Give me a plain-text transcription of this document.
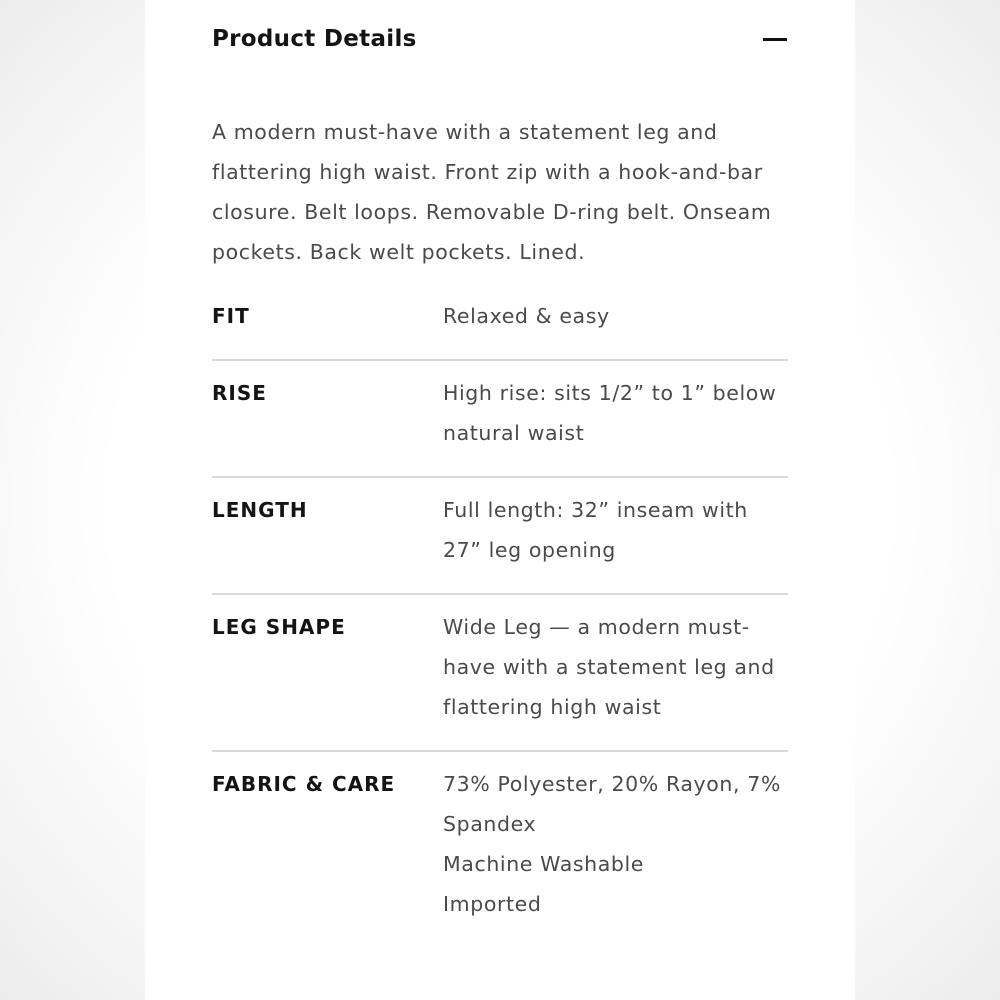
Product Details
A modern must-have with a statement leg and flattering high waist. Front zip with a hook-and-bar closure. Belt loops. Removable D-ring belt. Onseam pockets. Back welt pockets. Lined.
FIT	Relaxed & easy
RISE	High rise: sits 1/2” to 1” below natural waist
LENGTH	Full length: 32” inseam with 27” leg opening
LEG SHAPE	Wide Leg — a modern must-have with a statement leg and flattering high waist
FABRIC & CARE	73% Polyester, 20% Rayon, 7% Spandex
Machine Washable
Imported
